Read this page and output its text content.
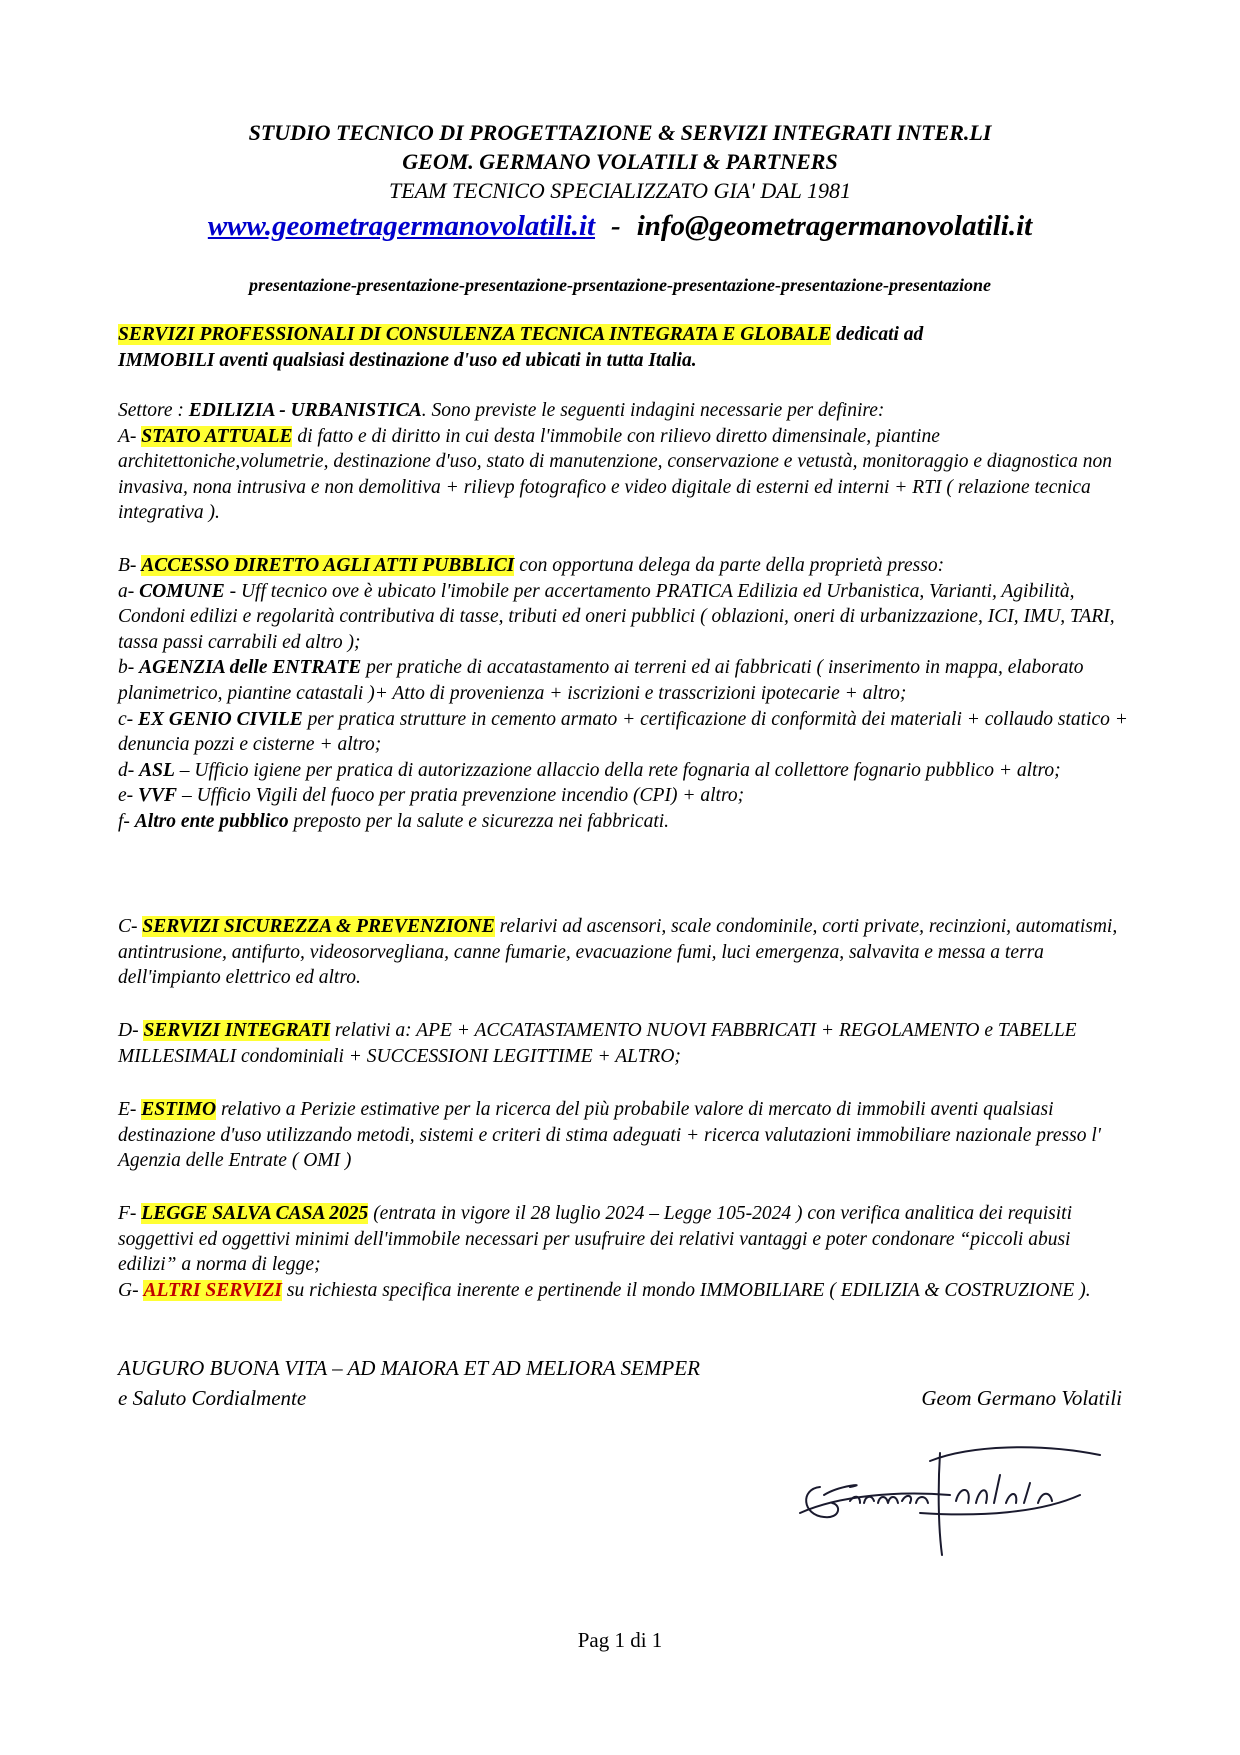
STUDIO TECNICO DI PROGETTAZIONE & SERVIZI INTEGRATI INTER.LI
GEOM. GERMANO VOLATILI & PARTNERS
TEAM TECNICO SPECIALIZZATO GIA' DAL 1981
www.geometragermanovolatili.it - info@geometragermanovolatili.it
presentazione-presentazione-presentazione-prsentazione-presentazione-presentazione-presentazione

SERVIZI PROFESSIONALI DI CONSULENZA TECNICA INTEGRATA E GLOBALE dedicati ad

IMMOBILI aventi qualsiasi destinazione d'uso ed ubicati in tutta Italia.

Settore : EDILIZIA - URBANISTICA. Sono previste le seguenti indagini necessarie per definire:

A- STATO ATTUALE di fatto e di diritto in cui desta l'immobile con rilievo diretto dimensinale, piantine architettoniche,volumetrie, destinazione d'uso, stato di manutenzione, conservazione e vetustà, monitoraggio e diagnostica non invasiva, nona intrusiva e non demolitiva + rilievp fotografico e video digitale di esterni ed interni + RTI ( relazione tecnica integrativa ).

B- ACCESSO DIRETTO AGLI ATTI PUBBLICI con opportuna delega da parte della proprietà presso:

a- COMUNE - Uff tecnico ove è ubicato l'imobile per accertamento PRATICA Edilizia ed Urbanistica, Varianti, Agibilità, Condoni edilizi e regolarità contributiva di tasse, tributi ed oneri pubblici ( oblazioni, oneri di urbanizzazione, ICI, IMU, TARI, tassa passi carrabili ed altro );

b- AGENZIA delle ENTRATE per pratiche di accatastamento ai terreni ed ai fabbricati ( inserimento in mappa, elaborato planimetrico, piantine catastali )+ Atto di provenienza + iscrizioni e trasscrizioni ipotecarie + altro;

c- EX GENIO CIVILE per pratica strutture in cemento armato + certificazione di conformità dei materiali + collaudo statico + denuncia pozzi e cisterne + altro;

d- ASL – Ufficio igiene per pratica di autorizzazione allaccio della rete fognaria al collettore fognario pubblico + altro;

e- VVF – Ufficio Vigili del fuoco per pratia prevenzione incendio (CPI) + altro;

f- Altro ente pubblico preposto per la salute e sicurezza nei fabbricati.

C- SERVIZI SICUREZZA & PREVENZIONE relarivi ad ascensori, scale condominile, corti private, recinzioni, automatismi, antintrusione, antifurto, videosorveglianа, canne fumarie, evacuazione fumi, luci emergenza, salvavita e messa a terra dell'impianto elettrico ed altro.

D- SERVIZI INTEGRATI relativi a: APE + ACCATASTAMENTO NUOVI FABBRICATI + REGOLAMENTO e TABELLE MILLESIMALI condominiali + SUCCESSIONI LEGITTIME + ALTRO;

E- ESTIMO relativo a Perizie estimative per la ricerca del più probabile valore di mercato di immobili aventi qualsiasi destinazione d'uso utilizzando metodi, sistemi e criteri di stima adeguati + ricerca valutazioni immobiliare nazionale presso l' Agenzia delle Entrate ( OMI )

F- LEGGE SALVA CASA 2025 (entrata in vigore il 28 luglio 2024 – Legge 105-2024 ) con verifica analitica dei requisiti soggettivi ed oggettivi minimi dell'immobile necessari per usufruire dei relativi vantaggi e poter condonare “piccoli abusi edilizi” a norma di legge;

G- ALTRI SERVIZI su richiesta specifica inerente e pertinende il mondo IMMOBILIARE ( EDILIZIA & COSTRUZIONE ).

AUGURO BUONA VITA – AD MAIORA ET AD MELIORA SEMPER
e Saluto Cordialmente	Geom Germano Volatili
Pag 1 di 1
